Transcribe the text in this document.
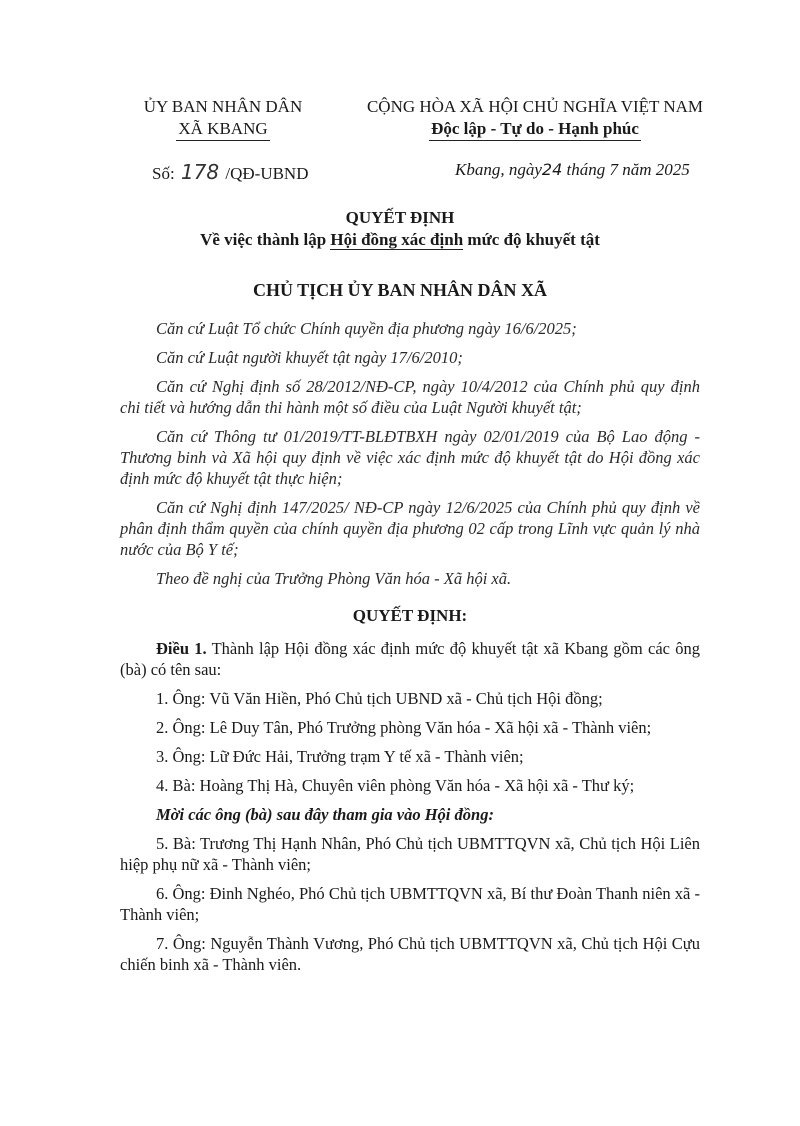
ỦY BAN NHÂN DÂN
XÃ KBANG
CỘNG HÒA XÃ HỘI CHỦ NGHĨA VIỆT NAM
Độc lập - Tự do - Hạnh phúc
Số: 178 /QĐ-UBND	Kbang, ngày24 tháng 7 năm 2025
QUYẾT ĐỊNH
Về việc thành lập Hội đồng xác định mức độ khuyết tật
CHỦ TỊCH ỦY BAN NHÂN DÂN XÃ

Căn cứ Luật Tổ chức Chính quyền địa phương ngày 16/6/2025;

Căn cứ Luật người khuyết tật ngày 17/6/2010;

Căn cứ Nghị định số 28/2012/NĐ-CP, ngày 10/4/2012 của Chính phủ quy định chi tiết và hướng dẫn thi hành một số điều của Luật Người khuyết tật;

Căn cứ Thông tư 01/2019/TT-BLĐTBXH ngày 02/01/2019 của Bộ Lao động - Thương binh và Xã hội quy định về việc xác định mức độ khuyết tật do Hội đồng xác định mức độ khuyết tật thực hiện;

Căn cứ Nghị định 147/2025/ NĐ-CP ngày 12/6/2025 của Chính phủ quy định về phân định thẩm quyền của chính quyền địa phương 02 cấp trong Lĩnh vực quản lý nhà nước của Bộ Y tế;

Theo đề nghị của Trưởng Phòng Văn hóa - Xã hội xã.

QUYẾT ĐỊNH:

Điều 1. Thành lập Hội đồng xác định mức độ khuyết tật xã Kbang gồm các ông (bà) có tên sau:

1. Ông: Vũ Văn Hiền, Phó Chủ tịch UBND xã - Chủ tịch Hội đồng;

2. Ông: Lê Duy Tân, Phó Trưởng phòng Văn hóa - Xã hội xã - Thành viên;

3. Ông: Lữ Đức Hải, Trưởng trạm Y tế xã - Thành viên;

4. Bà: Hoàng Thị Hà, Chuyên viên phòng Văn hóa - Xã hội xã - Thư ký;

Mời các ông (bà) sau đây tham gia vào Hội đồng:

5. Bà: Trương Thị Hạnh Nhân, Phó Chủ tịch UBMTTQVN xã, Chủ tịch Hội Liên hiệp phụ nữ xã - Thành viên;

6. Ông: Đinh Nghéo, Phó Chủ tịch UBMTTQVN xã, Bí thư Đoàn Thanh niên xã - Thành viên;

7. Ông: Nguyễn Thành Vương, Phó Chủ tịch UBMTTQVN xã, Chủ tịch Hội Cựu chiến binh xã - Thành viên.
